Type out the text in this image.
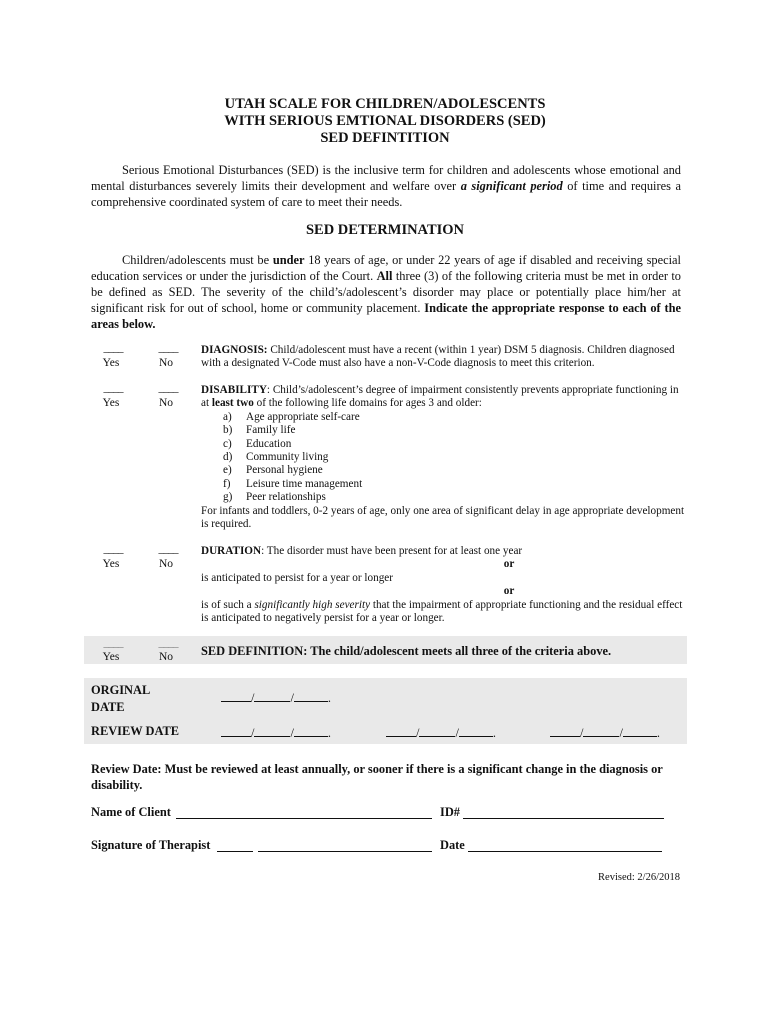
UTAH SCALE FOR CHILDREN/ADOLESCENTS
WITH SERIOUS EMTIONAL DISORDERS (SED)
SED DEFINTITION
Serious Emotional Disturbances (SED) is the inclusive term for children and adolescents whose emotional and mental disturbances severely limits their development and welfare over a significant period of time and requires a comprehensive coordinated system of care to meet their needs.
SED DETERMINATION
Children/adolescents must be under 18 years of age, or under 22 years of age if disabled and receiving special education services or under the jurisdiction of the Court. All three (3) of the following criteria must be met in order to be defined as SED. The severity of the child’s/adolescent’s disorder may place or potentially place him/her at significant risk for out of school, home or community placement. Indicate the appropriate response to each of the areas below.
____	____
Yes	No
DIAGNOSIS: Child/adolescent must have a recent (within 1 year) DSM 5 diagnosis. Children diagnosed with a designated V-Code must also have a non-V-Code diagnosis to meet this criterion.
____	____
Yes	No
DISABILITY: Child’s/adolescent’s degree of impairment consistently prevents appropriate functioning in at least two of the following life domains for ages 3 and older:
a) Age appropriate self-care
b) Family life
c) Education
d) Community living
e) Personal hygiene
f) Leisure time management
g) Peer relationships
For infants and toddlers, 0-2 years of age, only one area of significant delay in age appropriate development is required.
____	____
Yes	No
DURATION: The disorder must have been present for at least one year
or
is anticipated to persist for a year or longer
or
is of such a significantly high severity that the impairment of appropriate functioning and the residual effect is anticipated to negatively persist for a year or longer.
____	____
Yes	No	SED DEFINITION: The child/adolescent meets all three of the criteria above.
ORGINAL
DATE
/	/	.
REVIEW DATE	/	/	.	/	/	.	/	/	.
Review Date: Must be reviewed at least annually, or sooner if there is a significant change in the diagnosis or disability.
Name of Client	ID#
Signature of Therapist	Date
Revised: 2/26/2018
